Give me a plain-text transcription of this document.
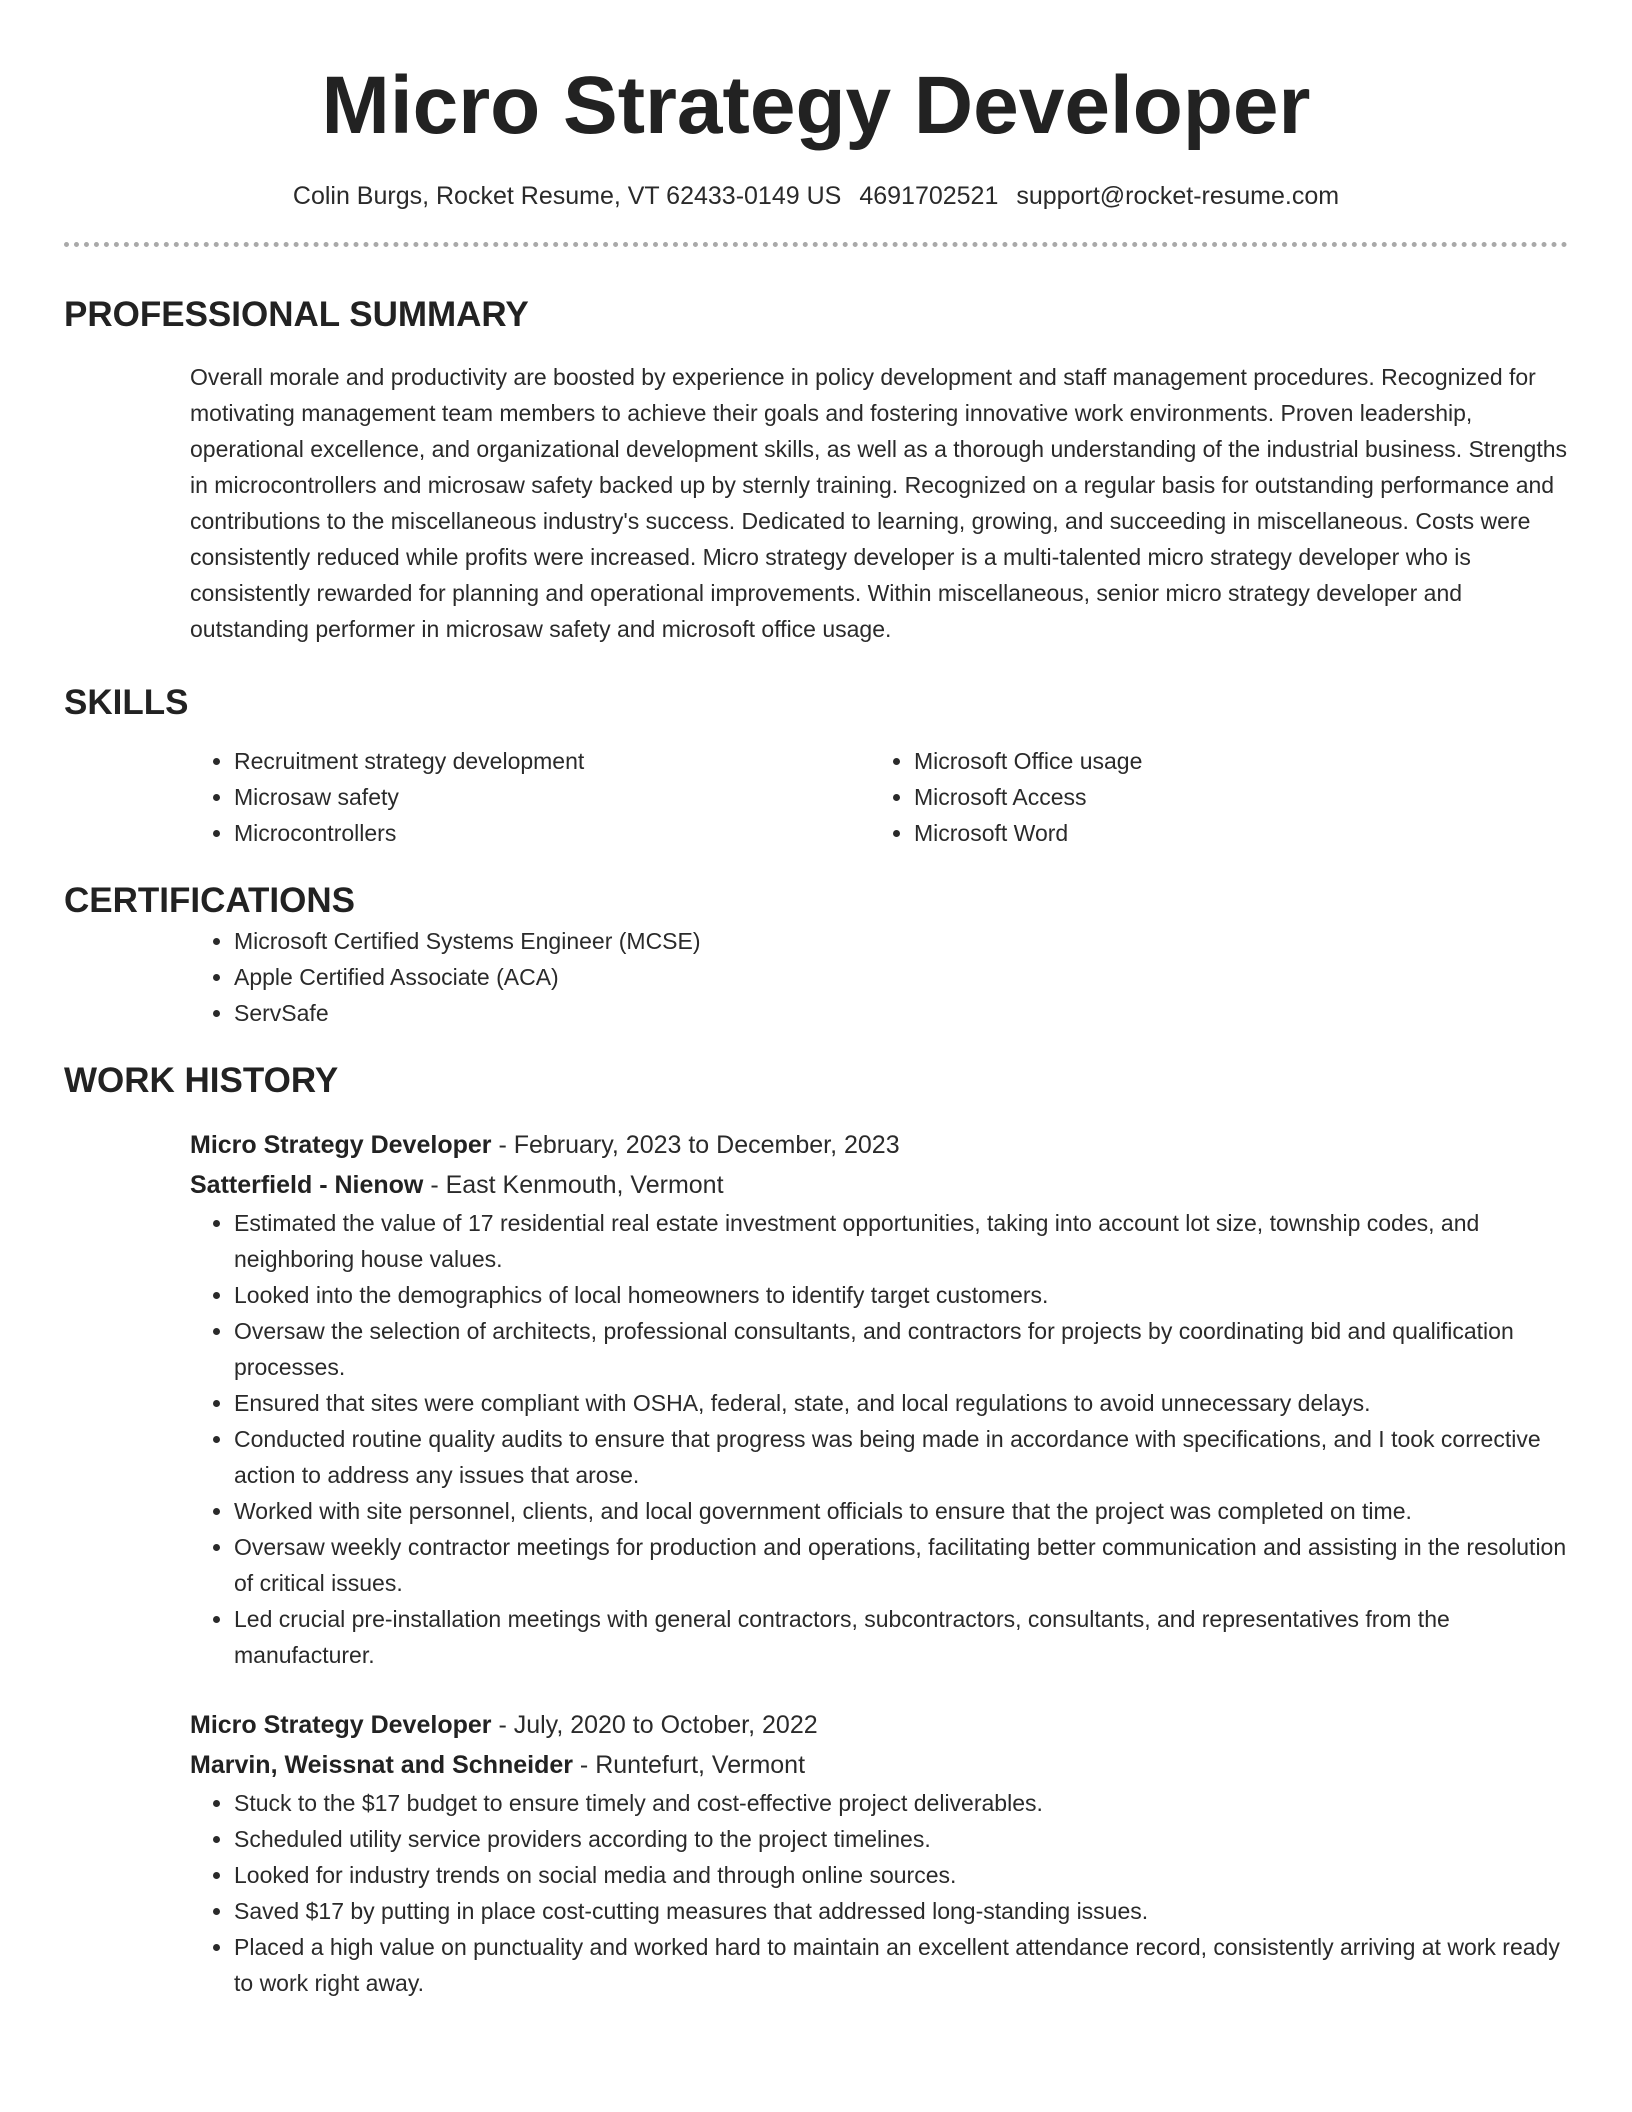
Micro Strategy Developer
Colin Burgs, Rocket Resume, VT 62433-0149 US 4691702521 support@rocket-resume.com
PROFESSIONAL SUMMARY

Overall morale and productivity are boosted by experience in policy development and staff management procedures. Recognized for motivating management team members to achieve their goals and fostering innovative work environments. Proven leadership, operational excellence, and organizational development skills, as well as a thorough understanding of the industrial business. Strengths in microcontrollers and microsaw safety backed up by sternly training. Recognized on a regular basis for outstanding performance and contributions to the miscellaneous industry's success. Dedicated to learning, growing, and succeeding in miscellaneous. Costs were consistently reduced while profits were increased. Micro strategy developer is a multi-talented micro strategy developer who is consistently rewarded for planning and operational improvements. Within miscellaneous, senior micro strategy developer and outstanding performer in microsaw safety and microsoft office usage.

SKILLS
• Recruitment strategy development
• Microsaw safety
• Microcontrollers
• Microsoft Office usage
• Microsoft Access
• Microsoft Word
CERTIFICATIONS
• Microsoft Certified Systems Engineer (MCSE)
• Apple Certified Associate (ACA)
• ServSafe
WORK HISTORY
Micro Strategy Developer - February, 2023 to December, 2023
Satterfield - Nienow - East Kenmouth, Vermont
• Estimated the value of 17 residential real estate investment opportunities, taking into account lot size, township codes, and neighboring house values.
• Looked into the demographics of local homeowners to identify target customers.
• Oversaw the selection of architects, professional consultants, and contractors for projects by coordinating bid and qualification processes.
• Ensured that sites were compliant with OSHA, federal, state, and local regulations to avoid unnecessary delays.
• Conducted routine quality audits to ensure that progress was being made in accordance with specifications, and I took corrective action to address any issues that arose.
• Worked with site personnel, clients, and local government officials to ensure that the project was completed on time.
• Oversaw weekly contractor meetings for production and operations, facilitating better communication and assisting in the resolution of critical issues.
• Led crucial pre-installation meetings with general contractors, subcontractors, consultants, and representatives from the manufacturer.
Micro Strategy Developer - July, 2020 to October, 2022
Marvin, Weissnat and Schneider - Runtefurt, Vermont
• Stuck to the $17 budget to ensure timely and cost-effective project deliverables.
• Scheduled utility service providers according to the project timelines.
• Looked for industry trends on social media and through online sources.
• Saved $17 by putting in place cost-cutting measures that addressed long-standing issues.
• Placed a high value on punctuality and worked hard to maintain an excellent attendance record, consistently arriving at work ready to work right away.
